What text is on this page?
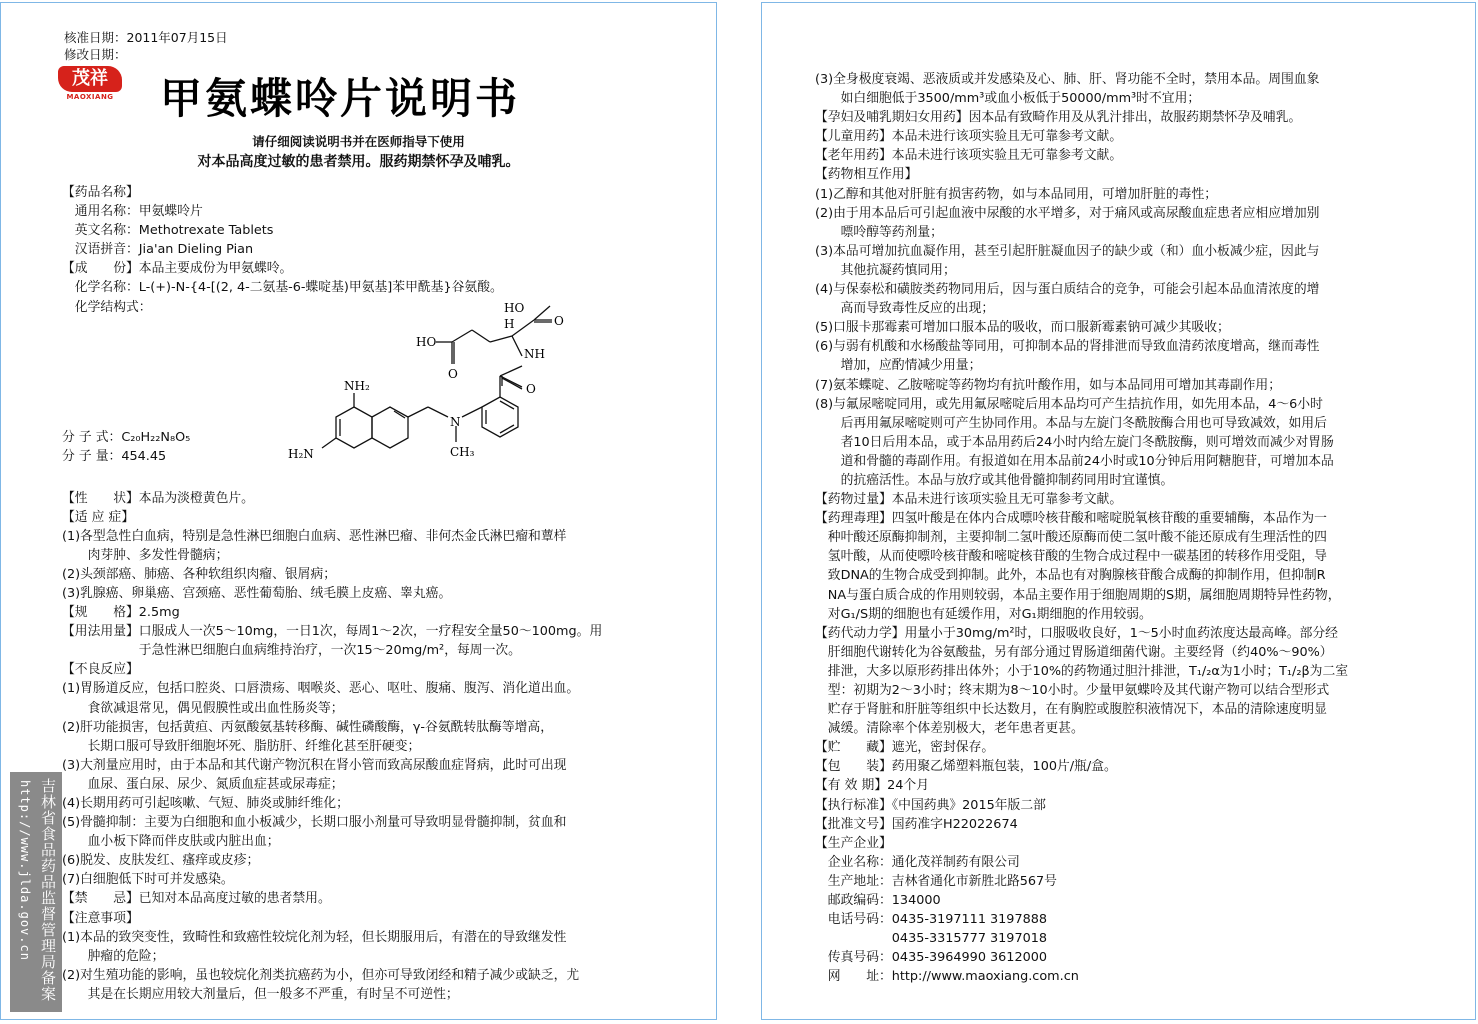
核准日期：2011年07月15日
修改日期：
茂祥
MAOXIANG 甲氨蝶呤片说明书
请仔细阅读说明书并在医师指导下使用
对本品高度过敏的患者禁用。服药期禁怀孕及哺乳。
【药品名称】
　通用名称：甲氨蝶呤片
　英文名称：Methotrexate Tablets
　汉语拼音：Jia'an Dieling Pian
【成　　份】本品主要成份为甲氨蝶呤。
　化学名称：L-(+)-N-{4-[(2, 4-二氨基-6-蝶啶基)甲氨基]苯甲酰基}谷氨酸。
　化学结构式：
【性　　状】本品为淡橙黄色片。
【适 应 症】
(1)各型急性白血病，特别是急性淋巴细胞白血病、恶性淋巴瘤、非何杰金氏淋巴瘤和蕈样
　　肉芽肿、多发性骨髓病；
(2)头颈部癌、肺癌、各种软组织肉瘤、银屑病；
(3)乳腺癌、卵巢癌、宫颈癌、恶性葡萄胎、绒毛膜上皮癌、睾丸癌。
【规　　格】2.5mg
【用法用量】口服成人一次5～10mg，一日1次，每周1～2次，一疗程安全量50～100mg。用
　　　　　　于急性淋巴细胞白血病维持治疗，一次15～20mg/m²，每周一次。
【不良反应】
(1)胃肠道反应，包括口腔炎、口唇溃疡、咽喉炎、恶心、呕吐、腹痛、腹泻、消化道出血。
　　食欲减退常见，偶见假膜性或出血性肠炎等；
(2)肝功能损害，包括黄疸、丙氨酸氨基转移酶、碱性磷酸酶，γ-谷氨酰转肽酶等增高，
　　长期口服可导致肝细胞坏死、脂肪肝、纤维化甚至肝硬变；
(3)大剂量应用时，由于本品和其代谢产物沉积在肾小管而致高尿酸血症肾病，此时可出现
　　血尿、蛋白尿、尿少、氮质血症甚或尿毒症；
(4)长期用药可引起咳嗽、气短、肺炎或肺纤维化；
(5)骨髓抑制：主要为白细胞和血小板减少，长期口服小剂量可导致明显骨髓抑制，贫血和
　　血小板下降而伴皮肤或内脏出血；
(6)脱发、皮肤发红、瘙痒或皮疹；
(7)白细胞低下时可并发感染。
【禁　　忌】已知对本品高度过敏的患者禁用。
【注意事项】
(1)本品的致突变性，致畸性和致癌性较烷化剂为轻，但长期服用后，有潜在的导致继发性
　　肿瘤的危险；
(2)对生殖功能的影响，虽也较烷化剂类抗癌药为小，但亦可导致闭经和精子减少或缺乏，尤
　　其是在长期应用较大剂量后，但一般多不严重，有时呈不可逆性；
(3)全身极度衰竭、恶液质或并发感染及心、肺、肝、肾功能不全时，禁用本品。周围血象
　　如白细胞低于3500/mm³或血小板低于50000/mm³时不宜用；
【孕妇及哺乳期妇女用药】因本品有致畸作用及从乳汁排出，故服药期禁怀孕及哺乳。
【儿童用药】本品未进行该项实验且无可靠参考文献。
【老年用药】本品未进行该项实验且无可靠参考文献。
【药物相互作用】
(1)乙醇和其他对肝脏有损害药物，如与本品同用，可增加肝脏的毒性；
(2)由于用本品后可引起血液中尿酸的水平增多，对于痛风或高尿酸血症患者应相应增加别
　　嘌呤醇等药剂量；
(3)本品可增加抗血凝作用，甚至引起肝脏凝血因子的缺少或（和）血小板减少症，因此与
　　其他抗凝药慎同用；
(4)与保泰松和磺胺类药物同用后，因与蛋白质结合的竞争，可能会引起本品血清浓度的增
　　高而导致毒性反应的出现；
(5)口服卡那霉素可增加口服本品的吸收，而口服新霉素钠可减少其吸收；
(6)与弱有机酸和水杨酸盐等同用，可抑制本品的肾排泄而导致血清药浓度增高，继而毒性
　　增加，应酌情减少用量；
(7)氨苯蝶啶、乙胺嘧啶等药物均有抗叶酸作用，如与本品同用可增加其毒副作用；
(8)与氟尿嘧啶同用，或先用氟尿嘧啶后用本品均可产生拮抗作用，如先用本品，4～6小时
　　后再用氟尿嘧啶则可产生协同作用。本品与左旋门冬酰胺酶合用也可导致减效，如用后
　　者10日后用本品，或于本品用药后24小时内给左旋门冬酰胺酶，则可增效而减少对胃肠
　　道和骨髓的毒副作用。有报道如在用本品前24小时或10分钟后用阿糖胞苷，可增加本品
　　的抗癌活性。本品与放疗或其他骨髓抑制药同用时宜谨慎。
【药物过量】本品未进行该项实验且无可靠参考文献。
【药理毒理】四氢叶酸是在体内合成嘌呤核苷酸和嘧啶脱氧核苷酸的重要辅酶，本品作为一
　种叶酸还原酶抑制剂，主要抑制二氢叶酸还原酶而使二氢叶酸不能还原成有生理活性的四
　氢叶酸，从而使嘌呤核苷酸和嘧啶核苷酸的生物合成过程中一碳基团的转移作用受阻，导
　致DNA的生物合成受到抑制。此外，本品也有对胸腺核苷酸合成酶的抑制作用，但抑制R
　NA与蛋白质合成的作用则较弱，本品主要作用于细胞周期的S期，属细胞周期特异性药物，
　对G₁/S期的细胞也有延缓作用，对G₁期细胞的作用较弱。
【药代动力学】用量小于30mg/m²时，口服吸收良好，1～5小时血药浓度达最高峰。部分经
　肝细胞代谢转化为谷氨酸盐，另有部分通过胃肠道细菌代谢。主要经肾（约40%～90%）
　排泄，大多以原形药排出体外；小于10%的药物通过胆汁排泄，T₁/₂α为1小时；T₁/₂β为二室
　型：初期为2～3小时；终末期为8～10小时。少量甲氨蝶呤及其代谢产物可以结合型形式
　贮存于肾脏和肝脏等组织中长达数月，在有胸腔或腹腔积液情况下，本品的清除速度明显
　减缓。清除率个体差别极大，老年患者更甚。
【贮　　藏】遮光，密封保存。
【包　　装】药用聚乙烯塑料瓶包装，100片/瓶/盒。
【有 效 期】24个月
【执行标准】《中国药典》2015年版二部
【批准文号】国药准字H22022674
【生产企业】
　企业名称：通化茂祥制药有限公司
　生产地址：吉林省通化市新胜北路567号
　邮政编码：134000
　电话号码：0435-3197111 3197888
　　　　　　0435-3315777 3197018
　传真号码：0435-3964990 3612000
　网　　址：http://www.maoxiang.com.cn
HO
H	O
HO
O
NH
O
NH₂
H₂N
N
CH₃
分 子 式：C₂₀H₂₂N₈O₅
分 子 量：454.45
吉林省食品药品监督管理局备案
http://www.jlda.gov.cn
